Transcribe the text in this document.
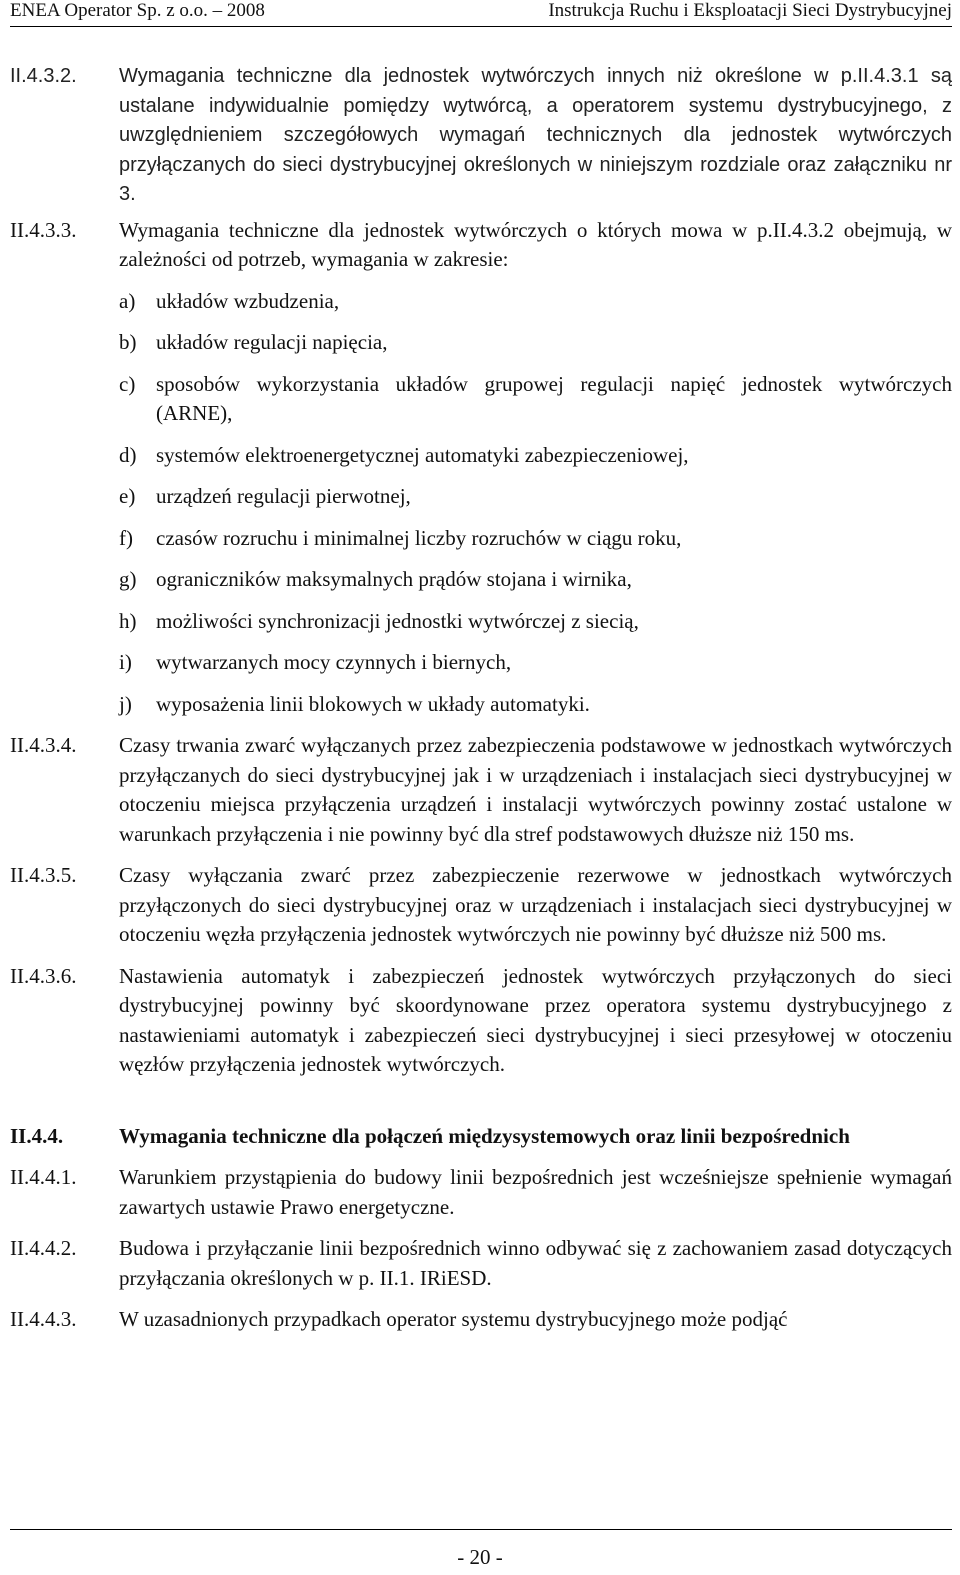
ENEA Operator Sp. z o.o. – 2008	Instrukcja Ruchu i Eksploatacji Sieci Dystrybucyjnej
II.4.3.2. Wymagania techniczne dla jednostek wytwórczych innych niż określone w p.II.4.3.1 są ustalane indywidualnie pomiędzy wytwórcą, a operatorem systemu dystrybucyjnego, z uwzględnieniem szczegółowych wymagań technicznych dla jednostek wytwórczych przyłączanych do sieci dystrybucyjnej określonych w niniejszym rozdziale oraz załączniku nr 3.
II.4.3.3. Wymagania techniczne dla jednostek wytwórczych o których mowa w p.II.4.3.2 obejmują, w zależności od potrzeb, wymagania w zakresie:
a) układów wzbudzenia,
b) układów regulacji napięcia,
c) sposobów wykorzystania układów grupowej regulacji napięć jednostek wytwórczych (ARNE),
d) systemów elektroenergetycznej automatyki zabezpieczeniowej,
e) urządzeń regulacji pierwotnej,
f) czasów rozruchu i minimalnej liczby rozruchów w ciągu roku,
g) ograniczników maksymalnych prądów stojana i wirnika,
h) możliwości synchronizacji jednostki wytwórczej z siecią,
i) wytwarzanych mocy czynnych i biernych,
j) wyposażenia linii blokowych w układy automatyki.
II.4.3.4. Czasy trwania zwarć wyłączanych przez zabezpieczenia podstawowe w jednostkach wytwórczych przyłączanych do sieci dystrybucyjnej jak i w urządzeniach i instalacjach sieci dystrybucyjnej w otoczeniu miejsca przyłączenia urządzeń i instalacji wytwórczych powinny zostać ustalone w warunkach przyłączenia i nie powinny być dla stref podstawowych dłuższe niż 150 ms.
II.4.3.5. Czasy wyłączania zwarć przez zabezpieczenie rezerwowe w jednostkach wytwórczych przyłączonych do sieci dystrybucyjnej oraz w urządzeniach i instalacjach sieci dystrybucyjnej w otoczeniu węzła przyłączenia jednostek wytwórczych nie powinny być dłuższe niż 500 ms.
II.4.3.6. Nastawienia automatyk i zabezpieczeń jednostek wytwórczych przyłączonych do sieci dystrybucyjnej powinny być skoordynowane przez operatora systemu dystrybucyjnego z nastawieniami automatyk i zabezpieczeń sieci dystrybucyjnej i sieci przesyłowej w otoczeniu węzłów przyłączenia jednostek wytwórczych.
II.4.4.	Wymagania techniczne dla połączeń międzysystemowych oraz linii bezpośrednich
II.4.4.1. Warunkiem przystąpienia do budowy linii bezpośrednich jest wcześniejsze spełnienie wymagań zawartych ustawie Prawo energetyczne.
II.4.4.2. Budowa i przyłączanie linii bezpośrednich winno odbywać się z zachowaniem zasad dotyczących przyłączania określonych w p. II.1. IRiESD.
II.4.4.3. W uzasadnionych przypadkach operator systemu dystrybucyjnego może podjąć
- 20 -
